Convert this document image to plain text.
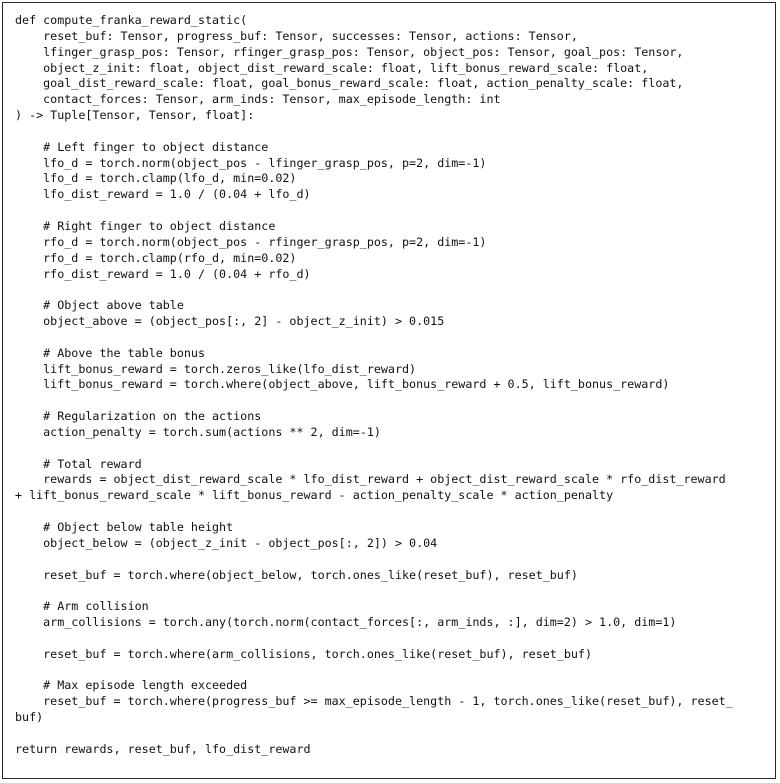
def compute_franka_reward_static(
reset_buf: Tensor, progress_buf: Tensor, successes: Tensor, actions: Tensor,
lfinger_grasp_pos: Tensor, rfinger_grasp_pos: Tensor, object_pos: Tensor, goal_pos: Tensor,
object_z_init: float, object_dist_reward_scale: float, lift_bonus_reward_scale: float,
goal_dist_reward_scale: float, goal_bonus_reward_scale: float, action_penalty_scale: float,
contact_forces: Tensor, arm_inds: Tensor, max_episode_length: int
) -> Tuple[Tensor, Tensor, float]:
# Left finger to object distance
lfo_d = torch.norm(object_pos - lfinger_grasp_pos, p=2, dim=-1)
lfo_d = torch.clamp(lfo_d, min=0.02)
lfo_dist_reward = 1.0 / (0.04 + lfo_d)
# Right finger to object distance
rfo_d = torch.norm(object_pos - rfinger_grasp_pos, p=2, dim=-1)
rfo_d = torch.clamp(rfo_d, min=0.02)
rfo_dist_reward = 1.0 / (0.04 + rfo_d)
# Object above table
object_above = (object_pos[:, 2] - object_z_init) > 0.015
# Above the table bonus
lift_bonus_reward = torch.zeros_like(lfo_dist_reward)
lift_bonus_reward = torch.where(object_above, lift_bonus_reward + 0.5, lift_bonus_reward)
# Regularization on the actions
action_penalty = torch.sum(actions ** 2, dim=-1)
# Total reward
rewards = object_dist_reward_scale * lfo_dist_reward + object_dist_reward_scale * rfo_dist_reward
+ lift_bonus_reward_scale * lift_bonus_reward - action_penalty_scale * action_penalty
# Object below table height
object_below = (object_z_init - object_pos[:, 2]) > 0.04
reset_buf = torch.where(object_below, torch.ones_like(reset_buf), reset_buf)
# Arm collision
arm_collisions = torch.any(torch.norm(contact_forces[:, arm_inds, :], dim=2) > 1.0, dim=1)
reset_buf = torch.where(arm_collisions, torch.ones_like(reset_buf), reset_buf)
# Max episode length exceeded
reset_buf = torch.where(progress_buf >= max_episode_length - 1, torch.ones_like(reset_buf), reset_
buf)
return rewards, reset_buf, lfo_dist_reward
